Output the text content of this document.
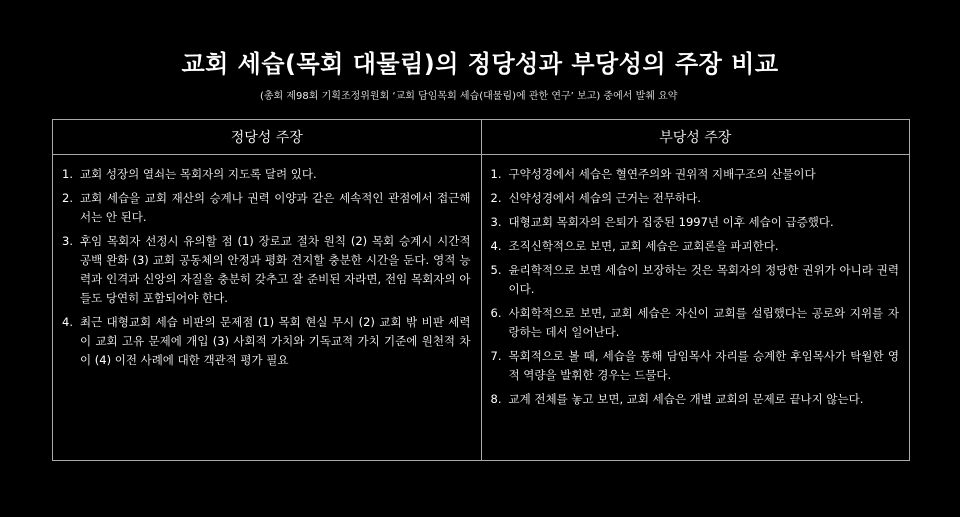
교회 세습(목회 대물림)의 정당성과 부당성의 주장 비교
(총회 제98회 기획조정위원회 ‘교회 담임목회 세습(대물림)에 관한 연구’ 보고) 중에서 발췌 요약
정당성 주장
1. 교회 성장의 열쇠는 목회자의 지도록 달려 있다.
2. 교회 세습을 교회 재산의 승계나 권력 이양과 같은 세속적인 관점에서 접근해서는 안 된다.
3. 후임 목회자 선정시 유의할 점 (1) 장로교 절차 원칙 (2) 목회 승계시 시간적 공백 완화 (3) 교회 공동체의 안정과 평화 견지할 충분한 시간을 둔다. 영적 능력과 인격과 신앙의 자질을 충분히 갖추고 잘 준비된 자라면, 전임 목회자의 아들도 당연히 포함되어야 한다.
4. 최근 대형교회 세습 비판의 문제점 (1) 목회 현실 무시 (2) 교회 밖 비판 세력이 교회 고유 문제에 개입 (3) 사회적 가치와 기독교적 가치 기준에 원천적 차이 (4) 이전 사례에 대한 객관적 평가 필요
부당성 주장
1. 구약성경에서 세습은 혈연주의와 권위적 지배구조의 산물이다
2. 신약성경에서 세습의 근거는 전무하다.
3. 대형교회 목회자의 은퇴가 집중된 1997년 이후 세습이 급증했다.
4. 조직신학적으로 보면, 교회 세습은 교회론을 파괴한다.
5. 윤리학적으로 보면 세습이 보장하는 것은 목회자의 정당한 권위가 아니라 권력이다.
6. 사회학적으로 보면, 교회 세습은 자신이 교회를 설립했다는 공로와 지위를 자랑하는 데서 일어난다.
7. 목회적으로 볼 때, 세습을 통해 담임목사 자리를 승계한 후임목사가 탁월한 영적 역량을 발휘한 경우는 드물다.
8. 교계 전체를 놓고 보면, 교회 세습은 개별 교회의 문제로 끝나지 않는다.
